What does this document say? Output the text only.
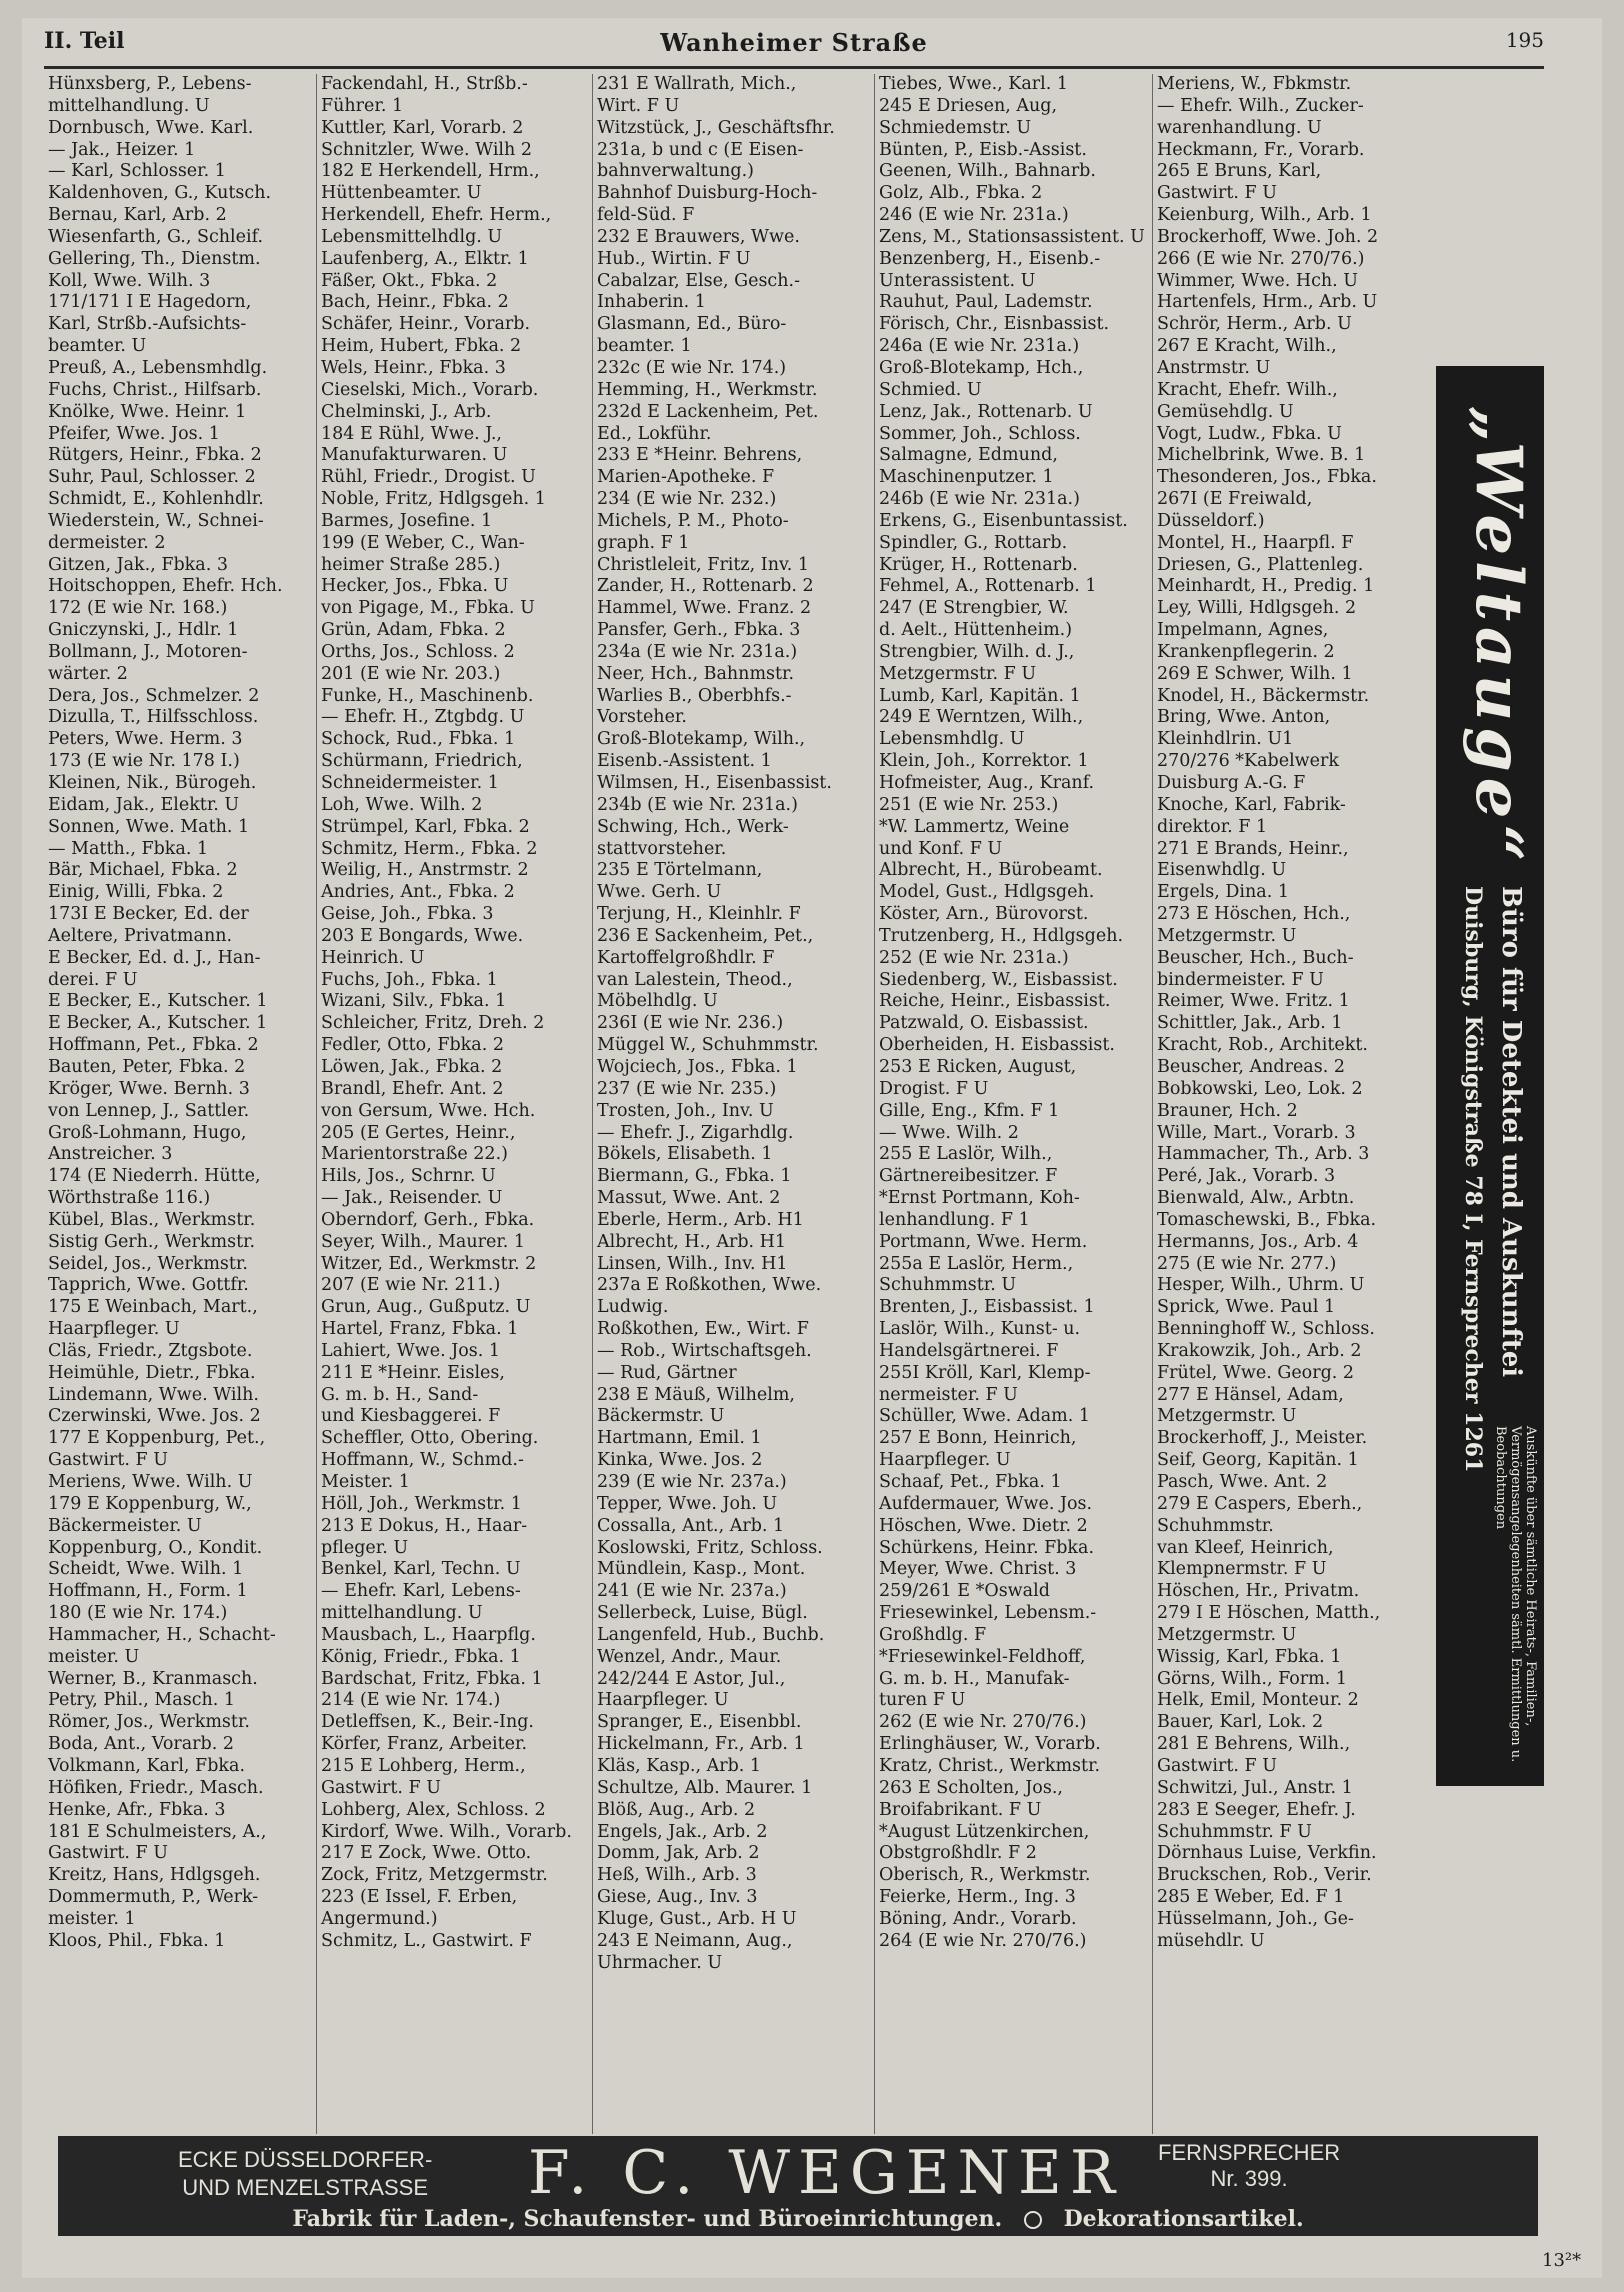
II. Teil	Wanheimer Straße	195
Hünxsberg, P., Lebens-
mittelhandlung. U
Dornbusch, Wwe. Karl.
— Jak., Heizer. 1
— Karl, Schlosser. 1
Kaldenhoven, G., Kutsch.
Bernau, Karl, Arb. 2
Wiesenfarth, G., Schleif.
Gellering, Th., Dienstm.
Koll, Wwe. Wilh. 3
171/171 I E Hagedorn,
Karl, Strßb.-Aufsichts-
beamter. U
Preuß, A., Lebensmhdlg.
Fuchs, Christ., Hilfsarb.
Knölke, Wwe. Heinr. 1
Pfeifer, Wwe. Jos. 1
Rütgers, Heinr., Fbka. 2
Suhr, Paul, Schlosser. 2
Schmidt, E., Kohlenhdlr.
Wiederstein, W., Schnei-
dermeister. 2
Gitzen, Jak., Fbka. 3
Hoitschoppen, Ehefr. Hch.
172 (E wie Nr. 168.)
Gniczynski, J., Hdlr. 1
Bollmann, J., Motoren-
wärter. 2
Dera, Jos., Schmelzer. 2
Dizulla, T., Hilfsschloss.
Peters, Wwe. Herm. 3
173 (E wie Nr. 178 I.)
Kleinen, Nik., Bürogeh.
Eidam, Jak., Elektr. U
Sonnen, Wwe. Math. 1
— Matth., Fbka. 1
Bär, Michael, Fbka. 2
Einig, Willi, Fbka. 2
173I E Becker, Ed. der
Aeltere, Privatmann.
E Becker, Ed. d. J., Han-
derei. F U
E Becker, E., Kutscher. 1
E Becker, A., Kutscher. 1
Hoffmann, Pet., Fbka. 2
Bauten, Peter, Fbka. 2
Kröger, Wwe. Bernh. 3
von Lennep, J., Sattler.
Groß-Lohmann, Hugo,
Anstreicher. 3
174 (E Niederrh. Hütte,
Wörthstraße 116.)
Kübel, Blas., Werkmstr.
Sistig Gerh., Werkmstr.
Seidel, Jos., Werkmstr.
Tapprich, Wwe. Gottfr.
175 E Weinbach, Mart.,
Haarpfleger. U
Cläs, Friedr., Ztgsbote.
Heimühle, Dietr., Fbka.
Lindemann, Wwe. Wilh.
Czerwinski, Wwe. Jos. 2
177 E Koppenburg, Pet.,
Gastwirt. F U
Meriens, Wwe. Wilh. U
179 E Koppenburg, W.,
Bäckermeister. U
Koppenburg, O., Kondit.
Scheidt, Wwe. Wilh. 1
Hoffmann, H., Form. 1
180 (E wie Nr. 174.)
Hammacher, H., Schacht-
meister. U
Werner, B., Kranmasch.
Petry, Phil., Masch. 1
Römer, Jos., Werkmstr.
Boda, Ant., Vorarb. 2
Volkmann, Karl, Fbka.
Höfiken, Friedr., Masch.
Henke, Afr., Fbka. 3
181 E Schulmeisters, A.,
Gastwirt. F U
Kreitz, Hans, Hdlgsgeh.
Dommermuth, P., Werk-
meister. 1
Kloos, Phil., Fbka. 1
Fackendahl, H., Strßb.-
Führer. 1
Kuttler, Karl, Vorarb. 2
Schnitzler, Wwe. Wilh 2
182 E Herkendell, Hrm.,
Hüttenbeamter. U
Herkendell, Ehefr. Herm.,
Lebensmittelhdlg. U
Laufenberg, A., Elktr. 1
Fäßer, Okt., Fbka. 2
Bach, Heinr., Fbka. 2
Schäfer, Heinr., Vorarb.
Heim, Hubert, Fbka. 2
Wels, Heinr., Fbka. 3
Cieselski, Mich., Vorarb.
Chelminski, J., Arb.
184 E Rühl, Wwe. J.,
Manufakturwaren. U
Rühl, Friedr., Drogist. U
Noble, Fritz, Hdlgsgeh. 1
Barmes, Josefine. 1
199 (E Weber, C., Wan-
heimer Straße 285.)
Hecker, Jos., Fbka. U
von Pigage, M., Fbka. U
Grün, Adam, Fbka. 2
Orths, Jos., Schloss. 2
201 (E wie Nr. 203.)
Funke, H., Maschinenb.
— Ehefr. H., Ztgbdg. U
Schock, Rud., Fbka. 1
Schürmann, Friedrich,
Schneidermeister. 1
Loh, Wwe. Wilh. 2
Strümpel, Karl, Fbka. 2
Schmitz, Herm., Fbka. 2
Weilig, H., Anstrmstr. 2
Andries, Ant., Fbka. 2
Geise, Joh., Fbka. 3
203 E Bongards, Wwe.
Heinrich. U
Fuchs, Joh., Fbka. 1
Wizani, Silv., Fbka. 1
Schleicher, Fritz, Dreh. 2
Fedler, Otto, Fbka. 2
Löwen, Jak., Fbka. 2
Brandl, Ehefr. Ant. 2
von Gersum, Wwe. Hch.
205 (E Gertes, Heinr.,
Marientorstraße 22.)
Hils, Jos., Schrnr. U
— Jak., Reisender. U
Oberndorf, Gerh., Fbka.
Seyer, Wilh., Maurer. 1
Witzer, Ed., Werkmstr. 2
207 (E wie Nr. 211.)
Grun, Aug., Gußputz. U
Hartel, Franz, Fbka. 1
Lahiert, Wwe. Jos. 1
211 E *Heinr. Eisles,
G. m. b. H., Sand-
und Kiesbaggerei. F
Scheffler, Otto, Obering.
Hoffmann, W., Schmd.-
Meister. 1
Höll, Joh., Werkmstr. 1
213 E Dokus, H., Haar-
pfleger. U
Benkel, Karl, Techn. U
— Ehefr. Karl, Lebens-
mittelhandlung. U
Mausbach, L., Haarpflg.
König, Friedr., Fbka. 1
Bardschat, Fritz, Fbka. 1
214 (E wie Nr. 174.)
Detleffsen, K., Beir.-Ing.
Körfer, Franz, Arbeiter.
215 E Lohberg, Herm.,
Gastwirt. F U
Lohberg, Alex, Schloss. 2
Kirdorf, Wwe. Wilh., Vorarb.
217 E Zock, Wwe. Otto.
Zock, Fritz, Metzgermstr.
223 (E Issel, F. Erben,
Angermund.)
Schmitz, L., Gastwirt. F
231 E Wallrath, Mich.,
Wirt. F U
Witzstück, J., Geschäftsfhr.
231a, b und c (E Eisen-
bahnverwaltung.)
Bahnhof Duisburg-Hoch-
feld-Süd. F
232 E Brauwers, Wwe.
Hub., Wirtin. F U
Cabalzar, Else, Gesch.-
Inhaberin. 1
Glasmann, Ed., Büro-
beamter. 1
232c (E wie Nr. 174.)
Hemming, H., Werkmstr.
232d E Lackenheim, Pet.
Ed., Lokführ.
233 E *Heinr. Behrens,
Marien-Apotheke. F
234 (E wie Nr. 232.)
Michels, P. M., Photo-
graph. F 1
Christleleit, Fritz, Inv. 1
Zander, H., Rottenarb. 2
Hammel, Wwe. Franz. 2
Pansfer, Gerh., Fbka. 3
234a (E wie Nr. 231a.)
Neer, Hch., Bahnmstr.
Warlies B., Oberbhfs.-
Vorsteher.
Groß-Blotekamp, Wilh.,
Eisenb.-Assistent. 1
Wilmsen, H., Eisenbassist.
234b (E wie Nr. 231a.)
Schwing, Hch., Werk-
stattvorsteher.
235 E Törtelmann,
Wwe. Gerh. U
Terjung, H., Kleinhlr. F
236 E Sackenheim, Pet.,
Kartoffelgroßhdlr. F
van Lalestein, Theod.,
Möbelhdlg. U
236I (E wie Nr. 236.)
Müggel W., Schuhmmstr.
Wojciech, Jos., Fbka. 1
237 (E wie Nr. 235.)
Trosten, Joh., Inv. U
— Ehefr. J., Zigarhdlg.
Bökels, Elisabeth. 1
Biermann, G., Fbka. 1
Massut, Wwe. Ant. 2
Eberle, Herm., Arb. H1
Albrecht, H., Arb. H1
Linsen, Wilh., Inv. H1
237a E Roßkothen, Wwe.
Ludwig.
Roßkothen, Ew., Wirt. F
— Rob., Wirtschaftsgeh.
— Rud, Gärtner
238 E Mäuß, Wilhelm,
Bäckermstr. U
Hartmann, Emil. 1
Kinka, Wwe. Jos. 2
239 (E wie Nr. 237a.)
Tepper, Wwe. Joh. U
Cossalla, Ant., Arb. 1
Koslowski, Fritz, Schloss.
Mündlein, Kasp., Mont.
241 (E wie Nr. 237a.)
Sellerbeck, Luise, Bügl.
Langenfeld, Hub., Buchb.
Wenzel, Andr., Maur.
242/244 E Astor, Jul.,
Haarpfleger. U
Spranger, E., Eisenbbl.
Hickelmann, Fr., Arb. 1
Kläs, Kasp., Arb. 1
Schultze, Alb. Maurer. 1
Blöß, Aug., Arb. 2
Engels, Jak., Arb. 2
Domm, Jak, Arb. 2
Heß, Wilh., Arb. 3
Giese, Aug., Inv. 3
Kluge, Gust., Arb. H U
243 E Neimann, Aug.,
Uhrmacher. U
Tiebes, Wwe., Karl. 1
245 E Driesen, Aug,
Schmiedemstr. U
Bünten, P., Eisb.-Assist.
Geenen, Wilh., Bahnarb.
Golz, Alb., Fbka. 2
246 (E wie Nr. 231a.)
Zens, M., Stationsassistent. U
Benzenberg, H., Eisenb.-
Unterassistent. U
Rauhut, Paul, Lademstr.
Förisch, Chr., Eisnbassist.
246a (E wie Nr. 231a.)
Groß-Blotekamp, Hch.,
Schmied. U
Lenz, Jak., Rottenarb. U
Sommer, Joh., Schloss.
Salmagne, Edmund,
Maschinenputzer. 1
246b (E wie Nr. 231a.)
Erkens, G., Eisenbuntassist.
Spindler, G., Rottarb.
Krüger, H., Rottenarb.
Fehmel, A., Rottenarb. 1
247 (E Strengbier, W.
d. Aelt., Hüttenheim.)
Strengbier, Wilh. d. J.,
Metzgermstr. F U
Lumb, Karl, Kapitän. 1
249 E Werntzen, Wilh.,
Lebensmhdlg. U
Klein, Joh., Korrektor. 1
Hofmeister, Aug., Kranf.
251 (E wie Nr. 253.)
*W. Lammertz, Weine
und Konf. F U
Albrecht, H., Bürobeamt.
Model, Gust., Hdlgsgeh.
Köster, Arn., Bürovorst.
Trutzenberg, H., Hdlgsgeh.
252 (E wie Nr. 231a.)
Siedenberg, W., Eisbassist.
Reiche, Heinr., Eisbassist.
Patzwald, O. Eisbassist.
Oberheiden, H. Eisbassist.
253 E Ricken, August,
Drogist. F U
Gille, Eng., Kfm. F 1
— Wwe. Wilh. 2
255 E Laslör, Wilh.,
Gärtnereibesitzer. F
*Ernst Portmann, Koh-
lenhandlung. F 1
Portmann, Wwe. Herm.
255a E Laslör, Herm.,
Schuhmmstr. U
Brenten, J., Eisbassist. 1
Laslör, Wilh., Kunst- u.
Handelsgärtnerei. F
255I Kröll, Karl, Klemp-
nermeister. F U
Schüller, Wwe. Adam. 1
257 E Bonn, Heinrich,
Haarpfleger. U
Schaaf, Pet., Fbka. 1
Aufdermauer, Wwe. Jos.
Höschen, Wwe. Dietr. 2
Schürkens, Heinr. Fbka.
Meyer, Wwe. Christ. 3
259/261 E *Oswald
Friesewinkel, Lebensm.-
Großhdlg. F
*Friesewinkel-Feldhoff,
G. m. b. H., Manufak-
turen F U
262 (E wie Nr. 270/76.)
Erlinghäuser, W., Vorarb.
Kratz, Christ., Werkmstr.
263 E Scholten, Jos.,
Broifabrikant. F U
*August Lützenkirchen,
Obstgroßhdlr. F 2
Oberisch, R., Werkmstr.
Feierke, Herm., Ing. 3
Böning, Andr., Vorarb.
264 (E wie Nr. 270/76.)
Meriens, W., Fbkmstr.
— Ehefr. Wilh., Zucker-
warenhandlung. U
Heckmann, Fr., Vorarb.
265 E Bruns, Karl,
Gastwirt. F U
Keienburg, Wilh., Arb. 1
Brockerhoff, Wwe. Joh. 2
266 (E wie Nr. 270/76.)
Wimmer, Wwe. Hch. U
Hartenfels, Hrm., Arb. U
Schrör, Herm., Arb. U
267 E Kracht, Wilh.,
Anstrmstr. U
Kracht, Ehefr. Wilh.,
Gemüsehdlg. U
Vogt, Ludw., Fbka. U
Michelbrink, Wwe. B. 1
Thesonderen, Jos., Fbka.
267I (E Freiwald,
Düsseldorf.)
Montel, H., Haarpfl. F
Driesen, G., Plattenleg.
Meinhardt, H., Predig. 1
Ley, Willi, Hdlgsgeh. 2
Impelmann, Agnes,
Krankenpflegerin. 2
269 E Schwer, Wilh. 1
Knodel, H., Bäckermstr.
Bring, Wwe. Anton,
Kleinhdlrin. U1
270/276 *Kabelwerk
Duisburg A.-G. F
Knoche, Karl, Fabrik-
direktor. F 1
271 E Brands, Heinr.,
Eisenwhdlg. U
Ergels, Dina. 1
273 E Höschen, Hch.,
Metzgermstr. U
Beuscher, Hch., Buch-
bindermeister. F U
Reimer, Wwe. Fritz. 1
Schittler, Jak., Arb. 1
Kracht, Rob., Architekt.
Beuscher, Andreas. 2
Bobkowski, Leo, Lok. 2
Brauner, Hch. 2
Wille, Mart., Vorarb. 3
Hammacher, Th., Arb. 3
Peré, Jak., Vorarb. 3
Bienwald, Alw., Arbtn.
Tomaschewski, B., Fbka.
Hermanns, Jos., Arb. 4
275 (E wie Nr. 277.)
Hesper, Wilh., Uhrm. U
Sprick, Wwe. Paul 1
Benninghoff W., Schloss.
Krakowzik, Joh., Arb. 2
Frütel, Wwe. Georg. 2
277 E Hänsel, Adam,
Metzgermstr. U
Brockerhoff, J., Meister.
Seif, Georg, Kapitän. 1
Pasch, Wwe. Ant. 2
279 E Caspers, Eberh.,
Schuhmmstr.
van Kleef, Heinrich,
Klempnermstr. F U
Höschen, Hr., Privatm.
279 I E Höschen, Matth.,
Metzgermstr. U
Wissig, Karl, Fbka. 1
Görns, Wilh., Form. 1
Helk, Emil, Monteur. 2
Bauer, Karl, Lok. 2
281 E Behrens, Wilh.,
Gastwirt. F U
Schwitzi, Jul., Anstr. 1
283 E Seeger, Ehefr. J.
Schuhmmstr. F U
Dörnhaus Luise, Verkfin.
Bruckschen, Rob., Verir.
285 E Weber, Ed. F 1
Hüsselmann, Joh., Ge-
müsehdlr. U
„Weltauge“
Büro für Detektei und Auskunftei
Duisburg, Königstraße 78 I, Fernsprecher 1261
Auskünfte über sämtliche Heirats-, Familien-, Vermögensangelegenheiten sämtl. Ermittlungen u. Beobachtungen
ECKE DÜSSELDORFER-
UND MENZELSTRASSE F. C. WEGENER FERNSPRECHER
Nr. 399.
Fabrik für Laden-, Schaufenster- und Büroeinrichtungen.	Dekorationsartikel.
13²*
